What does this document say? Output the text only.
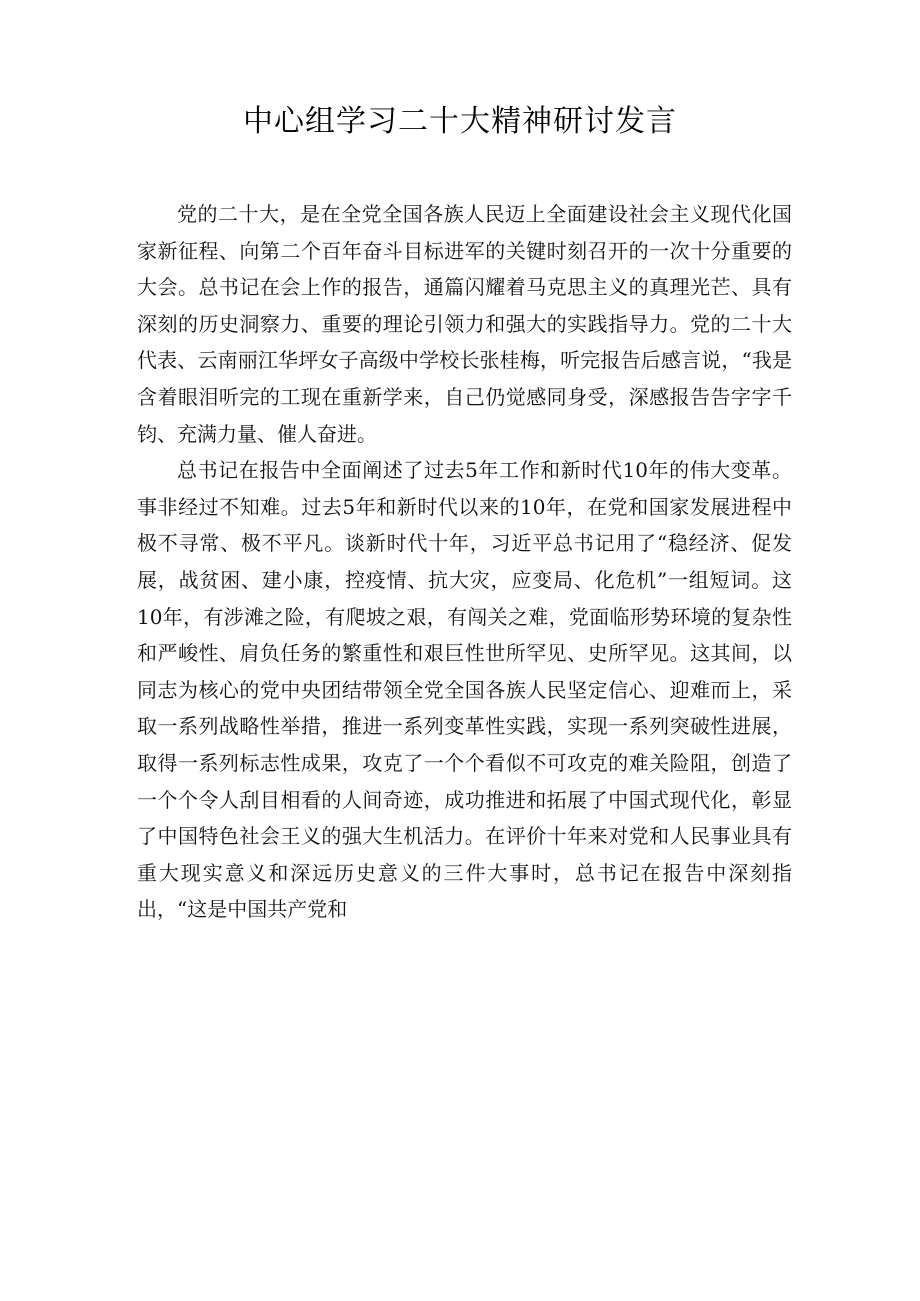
中心组学习二十大精神研讨发言

党的二十大，是在全党全国各族人民迈上全面建设社会主义现代化国家新征程、向第二个百年奋斗目标进军的关键时刻召开的一次十分重要的大会。总书记在会上作的报告，通篇闪耀着马克思主义的真理光芒、具有深刻的历史洞察力、重要的理论引领力和强大的实践指导力。党的二十大代表、云南丽江华坪女子高级中学校长张桂梅，听完报告后感言说，“我是含着眼泪听完的工现在重新学来，自己仍觉感同身受，深感报告告字字千钧、充满力量、催人奋进。

总书记在报告中全面阐述了过去5年工作和新时代10年的伟大变革。事非经过不知难。过去5年和新时代以来的10年，在党和国家发展进程中极不寻常、极不平凡。谈新时代十年，习近平总书记用了“稳经济、促发展，战贫困、建小康，控疫情、抗大灾，应变局、化危机”一组短词。这10年，有涉滩之险，有爬坡之艰，有闯关之难，党面临形势环境的复杂性和严峻性、肩负任务的繁重性和艰巨性世所罕见、史所罕见。这其间，以同志为核心的党中央团结带领全党全国各族人民坚定信心、迎难而上，采取一系列战略性举措，推进一系列变革性实践，实现一系列突破性进展，取得一系列标志性成果，攻克了一个个看似不可攻克的难关险阻，创造了一个个令人刮目相看的人间奇迹，成功推进和拓展了中国式现代化，彰显了中国特色社会王义的强大生机活力。在评价十年来对党和人民事业具有重大现实意义和深远历史意义的三件大事时，总书记在报告中深刻指出，“这是中国共产党和
